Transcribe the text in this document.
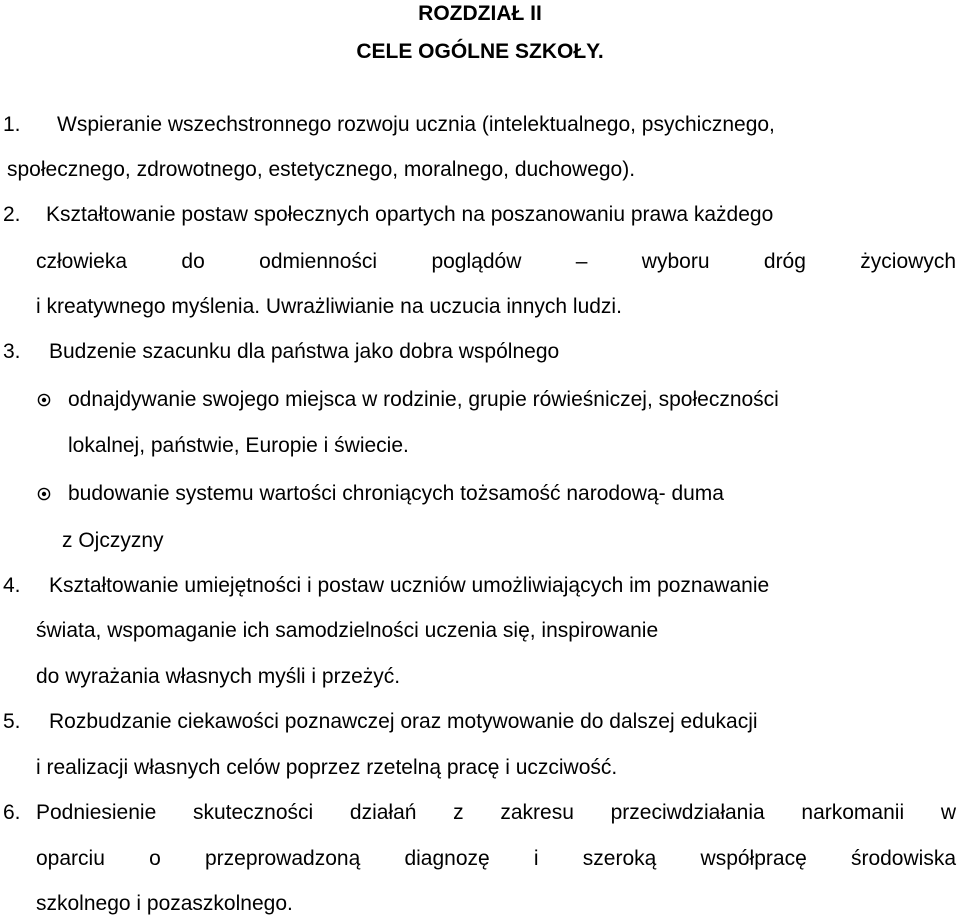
ROZDZIAŁ II
CELE OGÓLNE SZKOŁY.
1. Wspieranie wszechstronnego rozwoju ucznia (intelektualnego, psychicznego,
społecznego, zdrowotnego, estetycznego, moralnego, duchowego).
2. Kształtowanie postaw społecznych opartych na poszanowaniu prawa każdego
człowieka do odmienności poglądów – wyboru dróg życiowych
i kreatywnego myślenia. Uwrażliwianie na uczucia innych ludzi.
3. Budzenie szacunku dla państwa jako dobra wspólnego
odnajdywanie swojego miejsca w rodzinie, grupie rówieśniczej, społeczności
lokalnej, państwie, Europie i świecie.
budowanie systemu wartości chroniących tożsamość narodową- duma
z Ojczyzny
4. Kształtowanie umiejętności i postaw uczniów umożliwiających im poznawanie
świata, wspomaganie ich samodzielności uczenia się, inspirowanie
do wyrażania własnych myśli i przeżyć.
5. Rozbudzanie ciekawości poznawczej oraz motywowanie do dalszej edukacji
i realizacji własnych celów poprzez rzetelną pracę i uczciwość.
6. Podniesienie skuteczności działań z zakresu przeciwdziałania narkomanii w
oparciu o przeprowadzoną diagnozę i szeroką współpracę środowiska
szkolnego i pozaszkolnego.
